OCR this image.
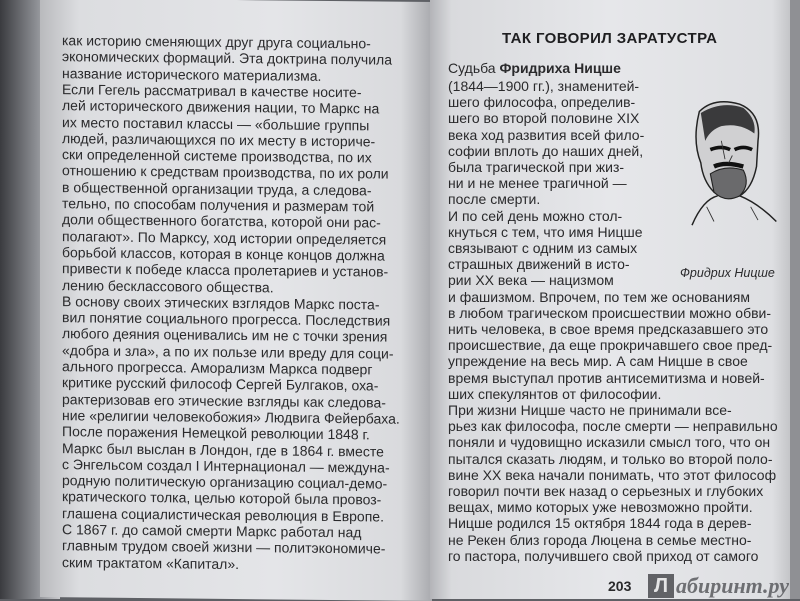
как историю сменяющих друг друга социально-
экономических формаций. Эта доктрина получила
название исторического материализма.
Если Гегель рассматривал в качестве носите-
лей исторического движения нации, то Маркс на
их место поставил классы — «большие группы
людей, различающихся по их месту в историче-
ски определенной системе производства, по их
отношению к средствам производства, по их роли
в общественной организации труда, а следова-
тельно, по способам получения и размерам той
доли общественного богатства, которой они рас-
полагают». По Марксу, ход истории определяется
борьбой классов, которая в конце концов должна
привести к победе класса пролетариев и установ-
лению бесклассового общества.
В основу своих этических взглядов Маркс поста-
вил понятие социального прогресса. Последствия
любого деяния оценивались им не с точки зрения
«добра и зла», а по их пользе или вреду для соци-
ального прогресса. Аморализм Маркса подверг
критике русский философ Сергей Булгаков, оха-
рактеризовав его этические взгляды как следова-
ние «религии человекобожия» Людвига Фейербаха.
После поражения Немецкой революции 1848 г.
Маркс был выслан в Лондон, где в 1864 г. вместе
с Энгельсом создал I Интернационал — междуна-
родную политическую организацию социал-демо-
кратического толка, целью которой была провоз-
глашена социалистическая революция в Европе.
С 1867 г. до самой смерти Маркс работал над
главным трудом своей жизни — политэкономиче-
ским трактатом «Капитал».
ТАК ГОВОРИЛ ЗАРАТУСТРА
Судьба Фридриха Ницше
Фридрих Ницше
203
(1844—1900 гг.), знаменитей-
шего философа, определив-
шего во второй половине XIX
века ход развития всей фило-
софии вплоть до наших дней,
была трагической при жиз-
ни и не менее трагичной —
после смерти.
И по сей день можно стол-
кнуться с тем, что имя Ницше
связывают с одним из самых
страшных движений в исто-
рии XX века — нацизмом
и фашизмом. Впрочем, по тем же основаниям
в любом трагическом происшествии можно обви-
нить человека, в свое время предсказавшего это
происшествие, да еще прокричавшего свое пред-
упреждение на весь мир. А сам Ницше в свое
время выступал против антисемитизма и новей-
ших спекулянтов от философии.
При жизни Ницше часто не принимали все-
рьез как философа, после смерти — неправильно
поняли и чудовищно исказили смысл того, что он
пытался сказать людям, и только во второй поло-
вине XX века начали понимать, что этот философ
говорил почти век назад о серьезных и глубоких
вещах, мимо которых уже невозможно пройти.
Ницше родился 15 октября 1844 года в дерев-
не Рекен близ города Люцена в семье местно-
го пастора, получившего свой приход от самого
Л абиринт.ру
